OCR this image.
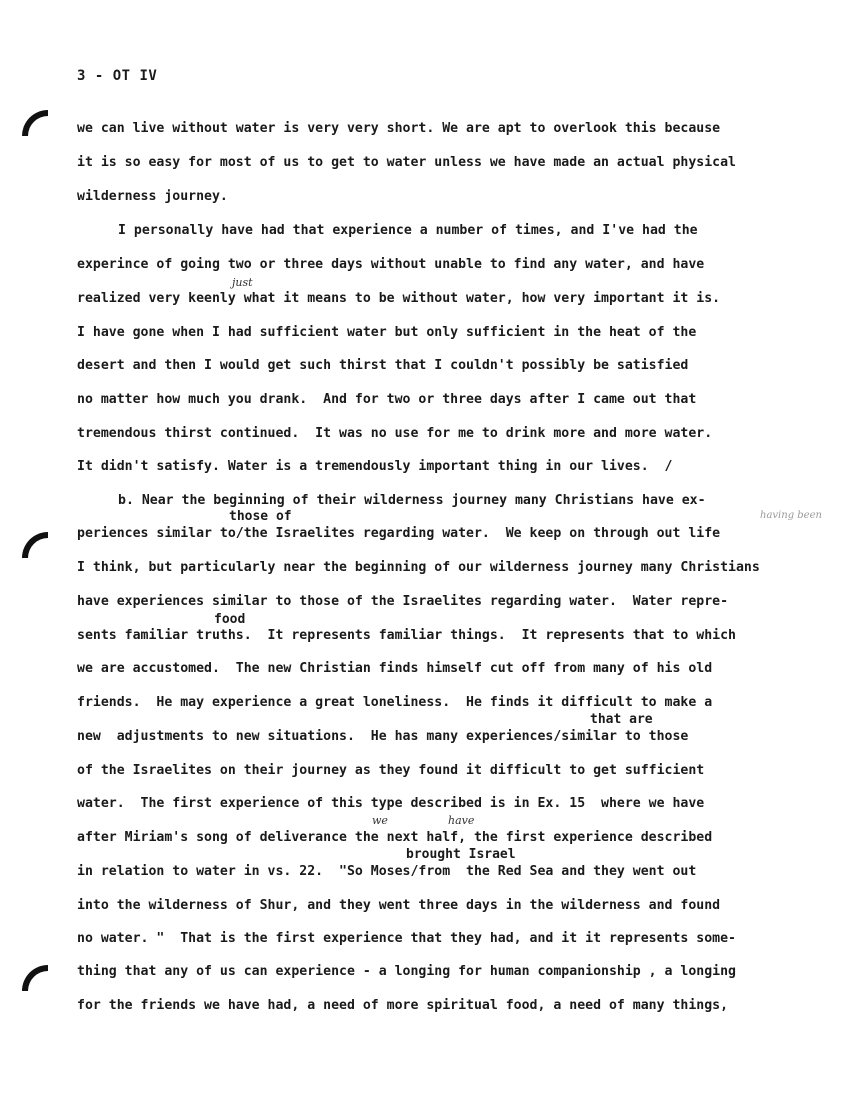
3 - OT IV
we can live without water is very very short. We are apt to overlook this because
it is so easy for most of us to get to water unless we have made an actual physical
wilderness journey.
I personally have had that experience a number of times, and I've had the
experince of going two or three days without unable to find any water, and have
just
realized very keenly what it means to be without water, how very important it is.
I have gone when I had sufficient water but only sufficient in the heat of the
desert and then I would get such thirst that I couldn't possibly be satisfied
no matter how much you drank.  And for two or three days after I came out that
tremendous thirst continued.  It was no use for me to drink more and more water.
It didn't satisfy. Water is a tremendously important thing in our lives.  /
b. Near the beginning of their wilderness journey many Christians have ex-
those of
periences similar to/the Israelites regarding water.  We keep on through out life
having been
I think, but particularly near the beginning of our wilderness journey many Christians
have experiences similar to those of the Israelites regarding water.  Water repre-
food
sents familiar truths.  It represents familiar things.  It represents that to which
we are accustomed.  The new Christian finds himself cut off from many of his old
friends.  He may experience a great loneliness.  He finds it difficult to make a
that are
new  adjustments to new situations.  He has many experiences/similar to those
of the Israelites on their journey as they found it difficult to get sufficient
water.  The first experience of this type described is in Ex. 15  where we have
we	have
after Miriam's song of deliverance the next half, the first experience described
brought Israel
in relation to water in vs. 22.  "So Moses/from  the Red Sea and they went out
into the wilderness of Shur, and they went three days in the wilderness and found
no water. "  That is the first experience that they had, and it it represents some-
thing that any of us can experience - a longing for human companionship , a longing
for the friends we have had, a need of more spiritual food, a need of many things,
